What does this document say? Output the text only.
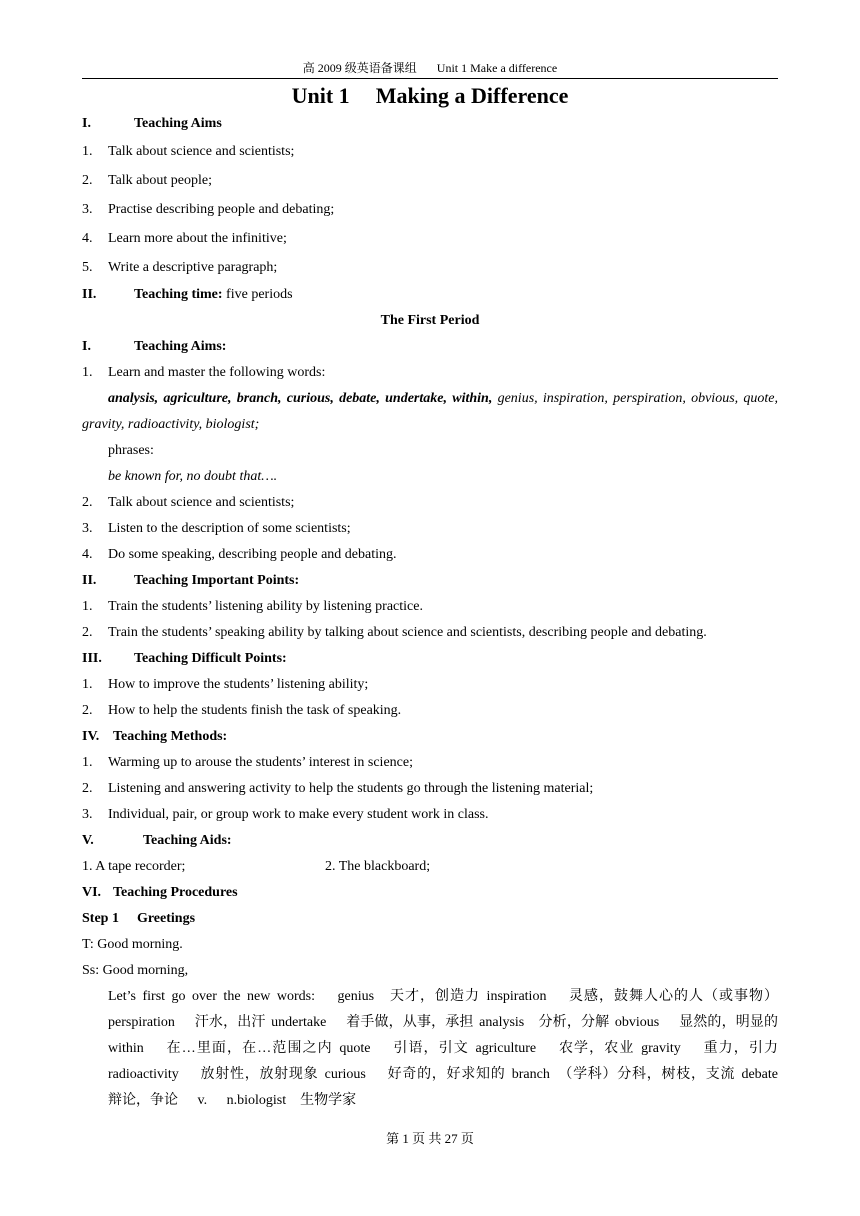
高 2009 级英语备课组 Unit 1 Make a difference
Unit 1 Making a Difference
I.	Teaching Aims
1. Talk about science and scientists;
2. Talk about people;
3. Practise describing people and debating;
4. Learn more about the infinitive;
5. Write a descriptive paragraph;
II.	Teaching time: five periods
The First Period
I.	Teaching Aims:
1. Learn and master the following words:
analysis, agriculture, branch, curious, debate, undertake, within, genius, inspiration, perspiration, obvious, quote, gravity, radioactivity, biologist;
phrases:
be known for, no doubt that….
2. Talk about science and scientists;
3. Listen to the description of some scientists;
4. Do some speaking, describing people and debating.
II.	Teaching Important Points:
1. Train the students’ listening ability by listening practice.
2. Train the students’ speaking ability by talking about science and scientists, describing people and debating.
III. Teaching Difficult Points:
1. How to improve the students’ listening ability;
2. How to help the students finish the task of speaking.
IV. Teaching Methods:
1. Warming up to arouse the students’ interest in science;
2. Listening and answering activity to help the students go through the listening material;
3. Individual, pair, or group work to make every student work in class.
V.	Teaching Aids:
1. A tape recorder;	2. The blackboard;
VI. Teaching Procedures
Step 1 Greetings
T: Good morning.
Ss: Good morning,
Let’s first go over the new words:　 genius　天才，创造力 inspiration　 灵感，鼓舞人心的人（或事物）perspiration　 汗水，出汗 undertake　 着手做，从事，承担 analysis　分析，分解 obvious　 显然的，明显的 within　 在…里面，在…范围之内 quote　 引语，引文 agriculture　 农学，农业 gravity　 重力，引力 radioactivity　 放射性，放射现象 curious　 好奇的，好求知的 branch　（学科）分科，树枝，支流 debate　 辩论，争论　 v.　 n.biologist　生物学家
第 1 页 共 27 页
